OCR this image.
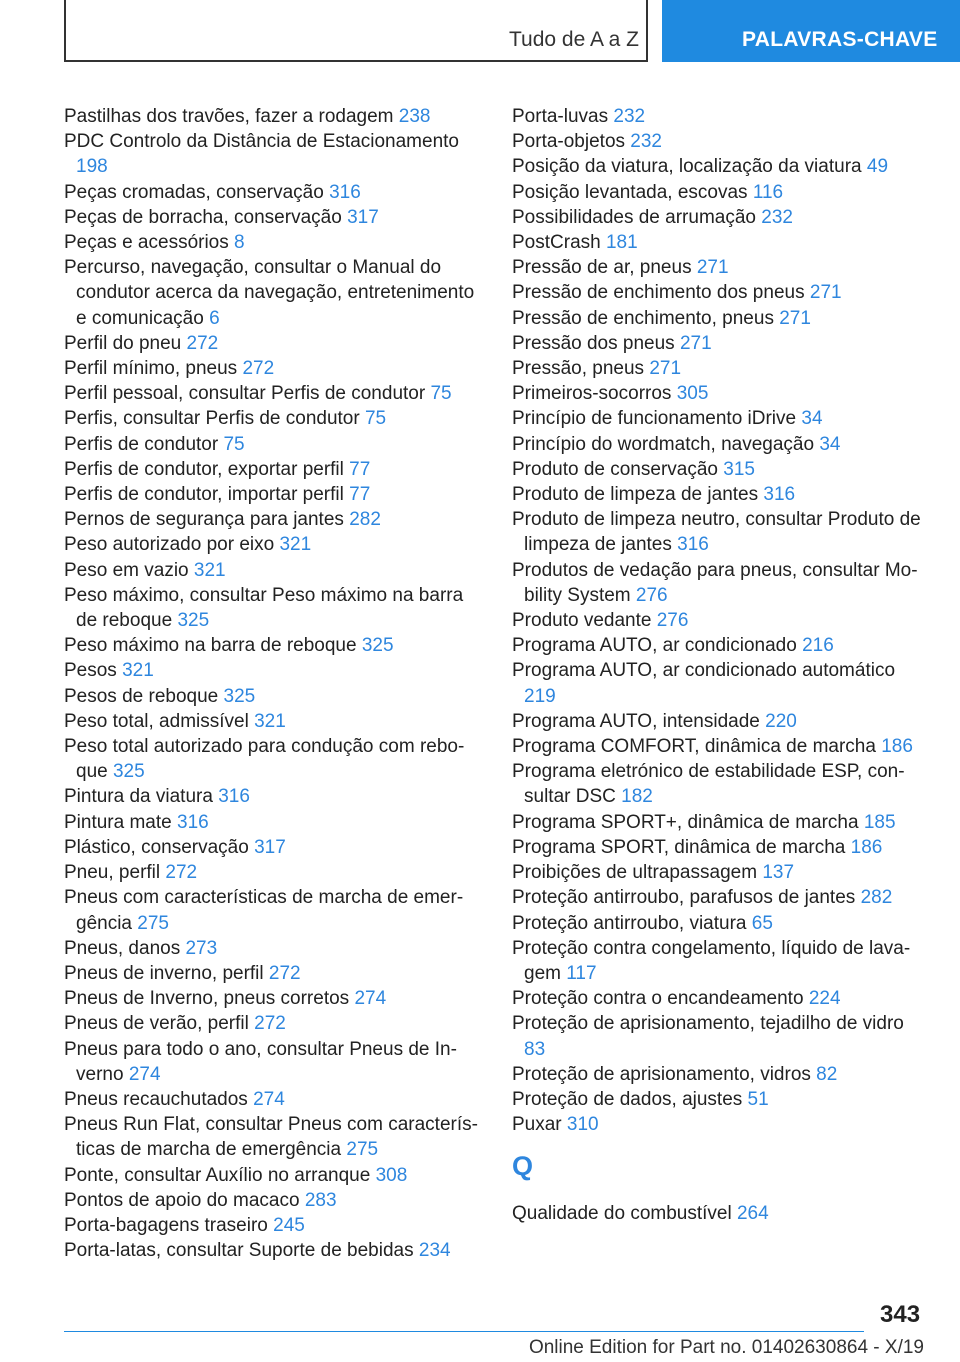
Tudo de A a Z	PALAVRAS-CHAVE
Pastilhas dos travões, fazer a rodagem 238
PDC Controlo da Distância de Estacionamento 198
Peças cromadas, conservação 316
Peças de borracha, conservação 317
Peças e acessórios 8
Percurso, navegação, consultar o Manual do condutor acerca da navegação, entretenimento e comunicação 6
Perfil do pneu 272
Perfil mínimo, pneus 272
Perfil pessoal, consultar Perfis de condutor 75
Perfis, consultar Perfis de condutor 75
Perfis de condutor 75
Perfis de condutor, exportar perfil 77
Perfis de condutor, importar perfil 77
Pernos de segurança para jantes 282
Peso autorizado por eixo 321
Peso em vazio 321
Peso máximo, consultar Peso máximo na barra de reboque 325
Peso máximo na barra de reboque 325
Pesos 321
Pesos de reboque 325
Peso total, admissível 321
Peso total autorizado para condução com reboque 325
Pintura da viatura 316
Pintura mate 316
Plástico, conservação 317
Pneu, perfil 272
Pneus com características de marcha de emergência 275
Pneus, danos 273
Pneus de inverno, perfil 272
Pneus de Inverno, pneus corretos 274
Pneus de verão, perfil 272
Pneus para todo o ano, consultar Pneus de Inverno 274
Pneus recauchutados 274
Pneus Run Flat, consultar Pneus com características de marcha de emergência 275
Ponte, consultar Auxílio no arranque 308
Pontos de apoio do macaco 283
Porta-bagagens traseiro 245
Porta-latas, consultar Suporte de bebidas 234
Porta-luvas 232
Porta-objetos 232
Posição da viatura, localização da viatura 49
Posição levantada, escovas 116
Possibilidades de arrumação 232
PostCrash 181
Pressão de ar, pneus 271
Pressão de enchimento dos pneus 271
Pressão de enchimento, pneus 271
Pressão dos pneus 271
Pressão, pneus 271
Primeiros-socorros 305
Princípio de funcionamento iDrive 34
Princípio do wordmatch, navegação 34
Produto de conservação 315
Produto de limpeza de jantes 316
Produto de limpeza neutro, consultar Produto de limpeza de jantes 316
Produtos de vedação para pneus, consultar Mobility System 276
Produto vedante 276
Programa AUTO, ar condicionado 216
Programa AUTO, ar condicionado automático 219
Programa AUTO, intensidade 220
Programa COMFORT, dinâmica de marcha 186
Programa eletrónico de estabilidade ESP, consultar DSC 182
Programa SPORT+, dinâmica de marcha 185
Programa SPORT, dinâmica de marcha 186
Proibições de ultrapassagem 137
Proteção antirroubo, parafusos de jantes 282
Proteção antirroubo, viatura 65
Proteção contra congelamento, líquido de lavagem 117
Proteção contra o encandeamento 224
Proteção de aprisionamento, tejadilho de vidro 83
Proteção de aprisionamento, vidros 82
Proteção de dados, ajustes 51
Puxar 310
Q
Qualidade do combustível 264
343
Online Edition for Part no. 01402630864 - X/19
